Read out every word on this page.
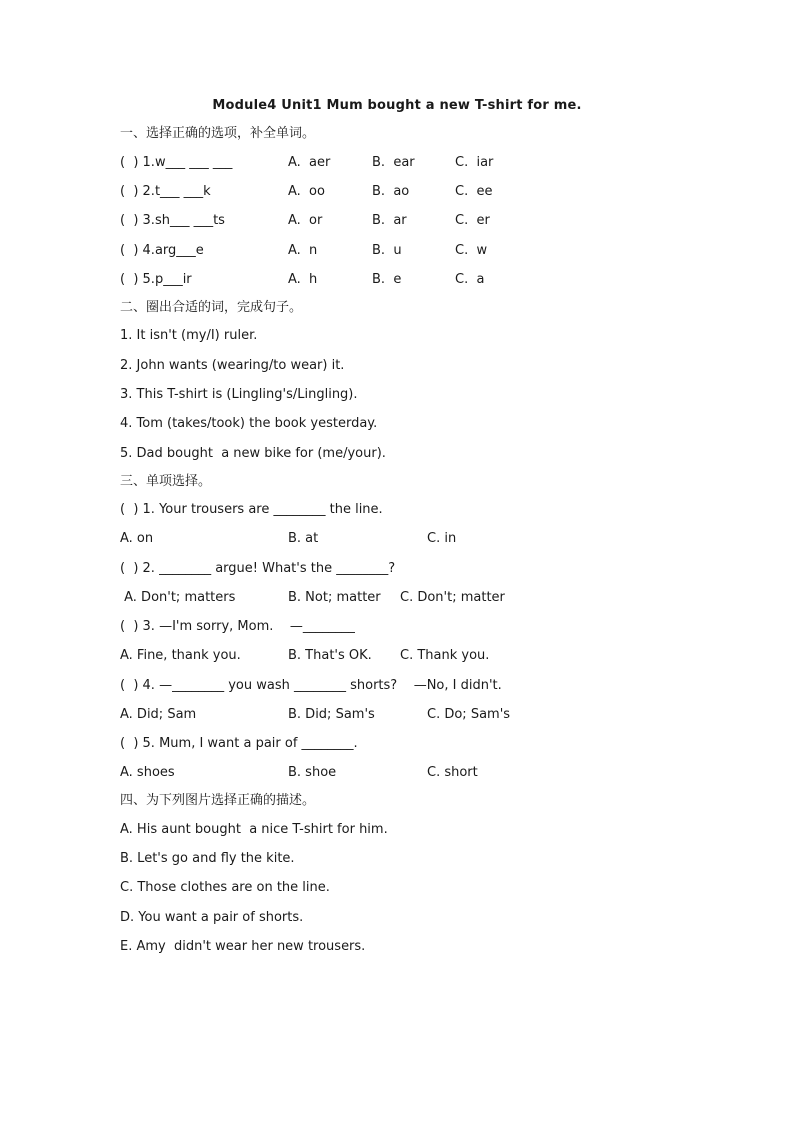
Module4 Unit1 Mum bought a new T-shirt for me.
一、选择正确的选项，补全单词。
(  ) 1.w___ ___ ___	A.  aer	B.  ear	C.  iar
(  ) 2.t___ ___k	A.  oo	B.  ao	C.  ee
(  ) 3.sh___ ___ts	A.  or	B.  ar	C.  er
(  ) 4.arg___e	A.  n	B.  u	C.  w
(  ) 5.p___ir	A.  h	B.  e	C.  a
二、圈出合适的词，完成句子。
1. It isn't (my/I) ruler.
2. John wants (wearing/to wear) it.
3. This T-shirt is (Lingling's/Lingling).
4. Tom (takes/took) the book yesterday.
5. Dad bought  a new bike for (me/your).
三、单项选择。
(  ) 1. Your trousers are ________ the line.
A. on	B. at	C. in
(  ) 2. ________ argue! What's the ________?
A. Don't; matters	B. Not; matter C. Don't; matter
(  ) 3. —I'm sorry, Mom.    —________
A. Fine, thank you.	B. That's OK. C. Thank you.
(  ) 4. —________ you wash ________ shorts?    —No, I didn't.
A. Did; Sam	B. Did; Sam's	C. Do; Sam's
(  ) 5. Mum, I want a pair of ________.
A. shoes	B. shoe	C. short
四、为下列图片选择正确的描述。
A. His aunt bought  a nice T-shirt for him.
B. Let's go and fly the kite.
C. Those clothes are on the line.
D. You want a pair of shorts.
E. Amy  didn't wear her new trousers.
